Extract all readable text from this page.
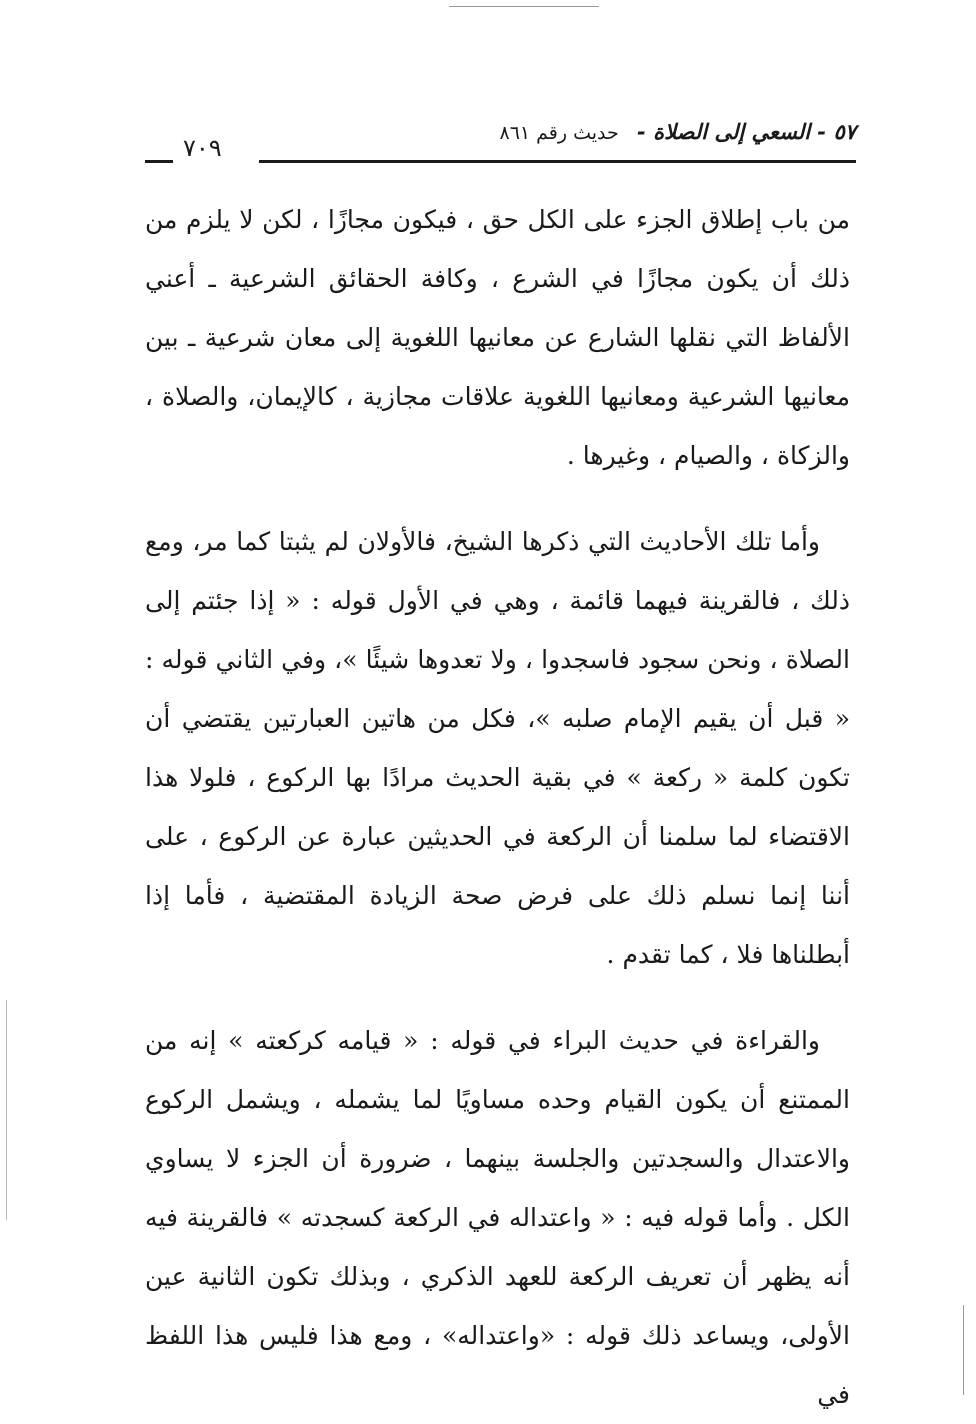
٥٧ - السعي إلى الصلاة - حديث رقم ٨٦١
٧٠٩

من باب إطلاق الجزء على الكل حق ، فيكون مجازًا ، لكن لا يلزم من ذلك أن يكون مجازًا في الشرع ، وكافة الحقائق الشرعية ـ أعني الألفاظ التي نقلها الشارع عن معانيها اللغوية إلى معان شرعية ـ بين معانيها الشرعية ومعانيها اللغوية علاقات مجازية ، كالإيمان، والصلاة ، والزكاة ، والصيام ، وغيرها .

وأما تلك الأحاديث التي ذكرها الشيخ، فالأولان لم يثبتا كما مر، ومع ذلك ، فالقرينة فيهما قائمة ، وهي في الأول قوله : « إذا جئتم إلى الصلاة ، ونحن سجود فاسجدوا ، ولا تعدوها شيئًا »، وفي الثاني قوله : « قبل أن يقيم الإمام صلبه »، فكل من هاتين العبارتين يقتضي أن تكون كلمة « ركعة » في بقية الحديث مرادًا بها الركوع ، فلولا هذا الاقتضاء لما سلمنا أن الركعة في الحديثين عبارة عن الركوع ، على أننا إنما نسلم ذلك على فرض صحة الزيادة المقتضية ، فأما إذا أبطلناها فلا ، كما تقدم .

والقراءة في حديث البراء في قوله : « قيامه كركعته » إنه من الممتنع أن يكون القيام وحده مساويًا لما يشمله ، ويشمل الركوع والاعتدال والسجدتين والجلسة بينهما ، ضرورة أن الجزء لا يساوي الكل . وأما قوله فيه : « واعتداله في الركعة كسجدته » فالقرينة فيه أنه يظهر أن تعريف الركعة للعهد الذكري ، وبذلك تكون الثانية عين الأولى، ويساعد ذلك قوله : «واعتداله» ، ومع هذا فليس هذا اللفظ في
